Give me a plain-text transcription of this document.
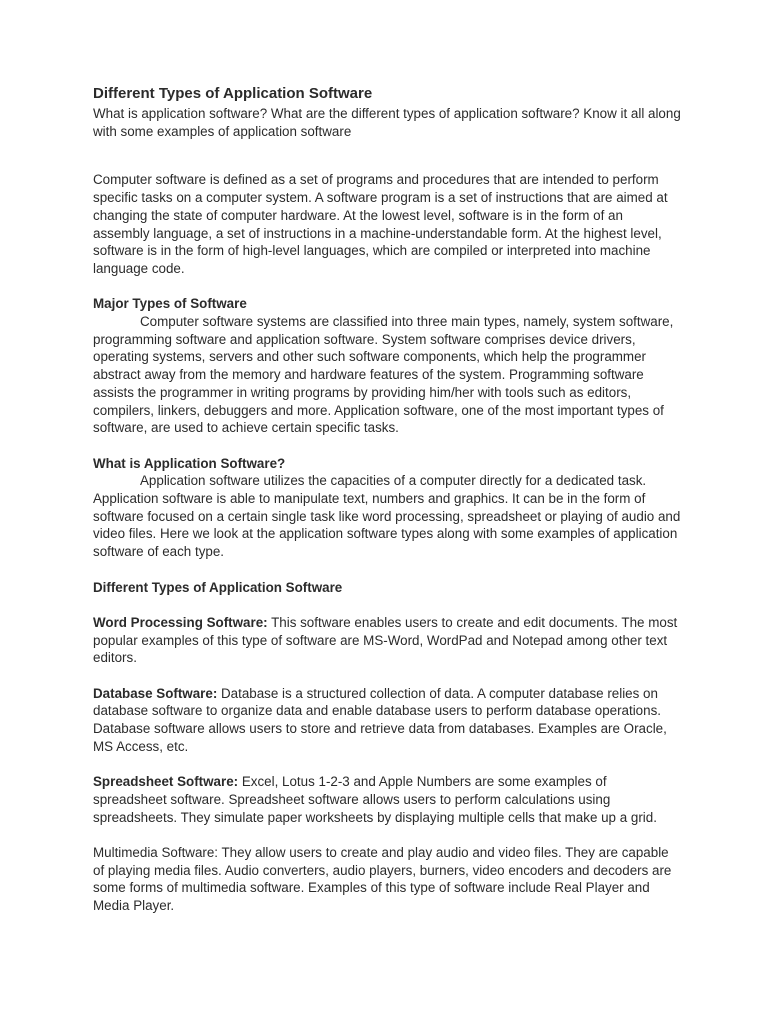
Different Types of Application Software

What is application software? What are the different types of application software? Know it all along with some examples of application software

Computer software is defined as a set of programs and procedures that are intended to perform specific tasks on a computer system. A software program is a set of instructions that are aimed at changing the state of computer hardware. At the lowest level, software is in the form of an assembly language, a set of instructions in a machine-understandable form. At the highest level, software is in the form of high-level languages, which are compiled or interpreted into machine language code.

Major Types of Software

Computer software systems are classified into three main types, namely, system software, programming software and application software. System software comprises device drivers, operating systems, servers and other such software components, which help the programmer abstract away from the memory and hardware features of the system. Programming software assists the programmer in writing programs by providing him/her with tools such as editors, compilers, linkers, debuggers and more. Application software, one of the most important types of software, are used to achieve certain specific tasks.

What is Application Software?

Application software utilizes the capacities of a computer directly for a dedicated task. Application software is able to manipulate text, numbers and graphics. It can be in the form of software focused on a certain single task like word processing, spreadsheet or playing of audio and video files. Here we look at the application software types along with some examples of application software of each type.

Different Types of Application Software

Word Processing Software: This software enables users to create and edit documents. The most popular examples of this type of software are MS-Word, WordPad and Notepad among other text editors.

Database Software: Database is a structured collection of data. A computer database relies on database software to organize data and enable database users to perform database operations. Database software allows users to store and retrieve data from databases. Examples are Oracle, MS Access, etc.

Spreadsheet Software: Excel, Lotus 1-2-3 and Apple Numbers are some examples of spreadsheet software. Spreadsheet software allows users to perform calculations using spreadsheets. They simulate paper worksheets by displaying multiple cells that make up a grid.

Multimedia Software: They allow users to create and play audio and video files. They are capable of playing media files. Audio converters, audio players, burners, video encoders and decoders are some forms of multimedia software. Examples of this type of software include Real Player and Media Player.
